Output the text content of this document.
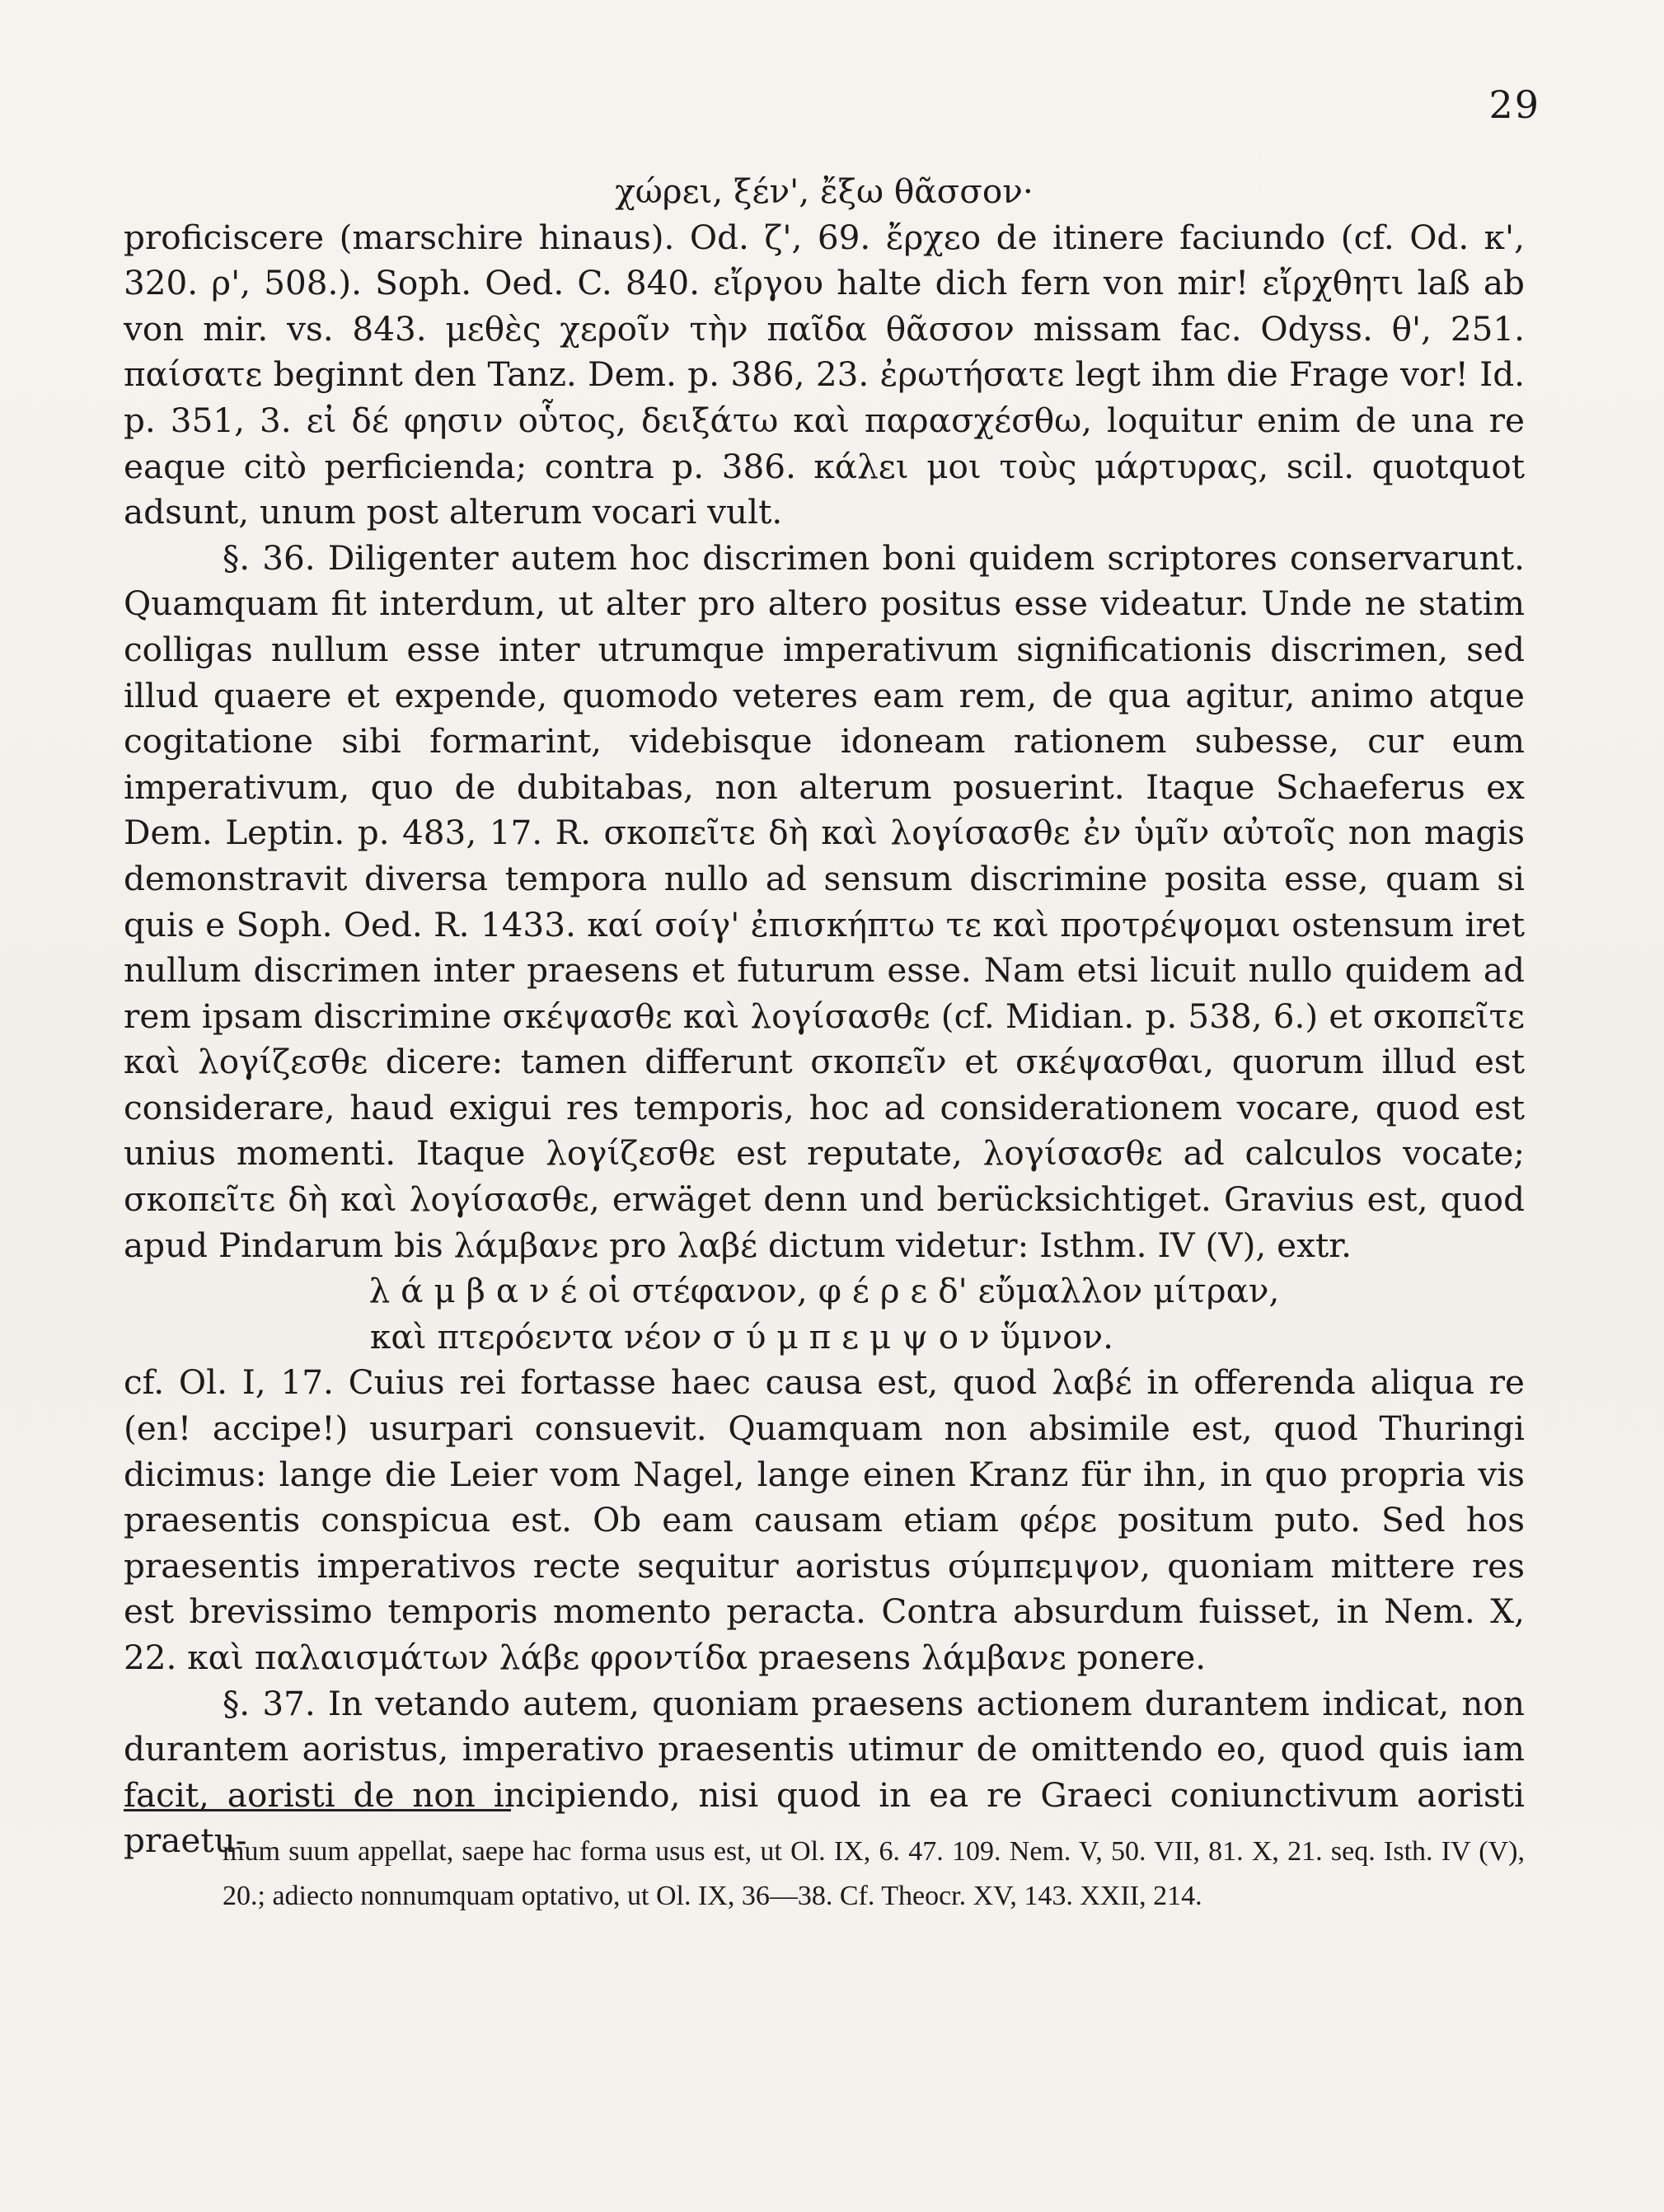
29

χώρει, ξέν', ἔξω θᾶσσον·

proficiscere (marschire hinaus). Od. ζ', 69. ἔρχεο de itinere faciundo (cf. Od. κ', 320. ρ', 508.). Soph. Oed. C. 840. εἴργου halte dich fern von mir! εἴρχθητι laß ab von mir. vs. 843. μεθὲς χεροῖν τὴν παῖδα θᾶσσον missam fac. Odyss. θ', 251. παίσατε beginnt den Tanz. Dem. p. 386, 23. ἐρωτήσατε legt ihm die Frage vor! Id. p. 351, 3. εἰ δέ φησιν οὗτος, δειξάτω καὶ παρασχέσθω, loquitur enim de una re eaque citò perficienda; contra p. 386. κάλει μοι τοὺς μάρτυρας, scil. quotquot adsunt, unum post alterum vocari vult.

§. 36. Diligenter autem hoc discrimen boni quidem scriptores conservarunt. Quamquam fit interdum, ut alter pro altero positus esse videatur. Unde ne statim colligas nullum esse inter utrumque imperativum significationis discrimen, sed illud quaere et expende, quomodo veteres eam rem, de qua agitur, animo atque cogitatione sibi formarint, videbisque idoneam rationem subesse, cur eum imperativum, quo de dubitabas, non alterum posuerint. Itaque Schaeferus ex Dem. Leptin. p. 483, 17. R. σκοπεῖτε δὴ καὶ λογίσασθε ἐν ὑμῖν αὐτοῖς non magis demonstravit diversa tempora nullo ad sensum discrimine posita esse, quam si quis e Soph. Oed. R. 1433. καί σοίγ' ἐπισκήπτω τε καὶ προτρέψομαι ostensum iret nullum discrimen inter praesens et futurum esse. Nam etsi licuit nullo quidem ad rem ipsam discrimine σκέψασθε καὶ λογίσασθε (cf. Midian. p. 538, 6.) et σκοπεῖτε καὶ λογίζεσθε dicere: tamen differunt σκοπεῖν et σκέψασθαι, quorum illud est considerare, haud exigui res temporis, hoc ad considerationem vocare, quod est unius momenti. Itaque λογίζεσθε est reputate, λογίσασθε ad calculos vocate; σκοπεῖτε δὴ καὶ λογίσασθε, erwäget denn und berücksichtiget. Gravius est, quod apud Pindarum bis λάμβανε pro λαβέ dictum videtur: Isthm. IV (V), extr.

λ ά μ β α ν έ οἱ στέφανον, φ έ ρ ε δ' εὔμαλλον μίτραν,

καὶ πτερόεντα νέον σ ύ μ π ε μ ψ ο ν ὕμνον.

cf. Ol. I, 17. Cuius rei fortasse haec causa est, quod λαβέ in offerenda aliqua re (en! accipe!) usurpari consuevit. Quamquam non absimile est, quod Thuringi dicimus: lange die Leier vom Nagel, lange einen Kranz für ihn, in quo propria vis praesentis conspicua est. Ob eam causam etiam φέρε positum puto. Sed hos praesentis imperativos recte sequitur aoristus σύμπεμψον, quoniam mittere res est brevissimo temporis momento peracta. Contra absurdum fuisset, in Nem. X, 22. καὶ παλαισμάτων λάβε φροντίδα praesens λάμβανε ponere.

§. 37. In vetando autem, quoniam praesens actionem durantem indicat, non durantem aoristus, imperativo praesentis utimur de omittendo eo, quod quis iam facit, aoristi de non incipiendo, nisi quod in ea re Graeci coniunctivum aoristi praetu-

mum suum appellat, saepe hac forma usus est, ut Ol. IX, 6. 47. 109. Nem. V, 50. VII, 81. X, 21. seq. Isth. IV (V), 20.; adiecto nonnumquam optativo, ut Ol. IX, 36—38. Cf. Theocr. XV, 143. XXII, 214.
